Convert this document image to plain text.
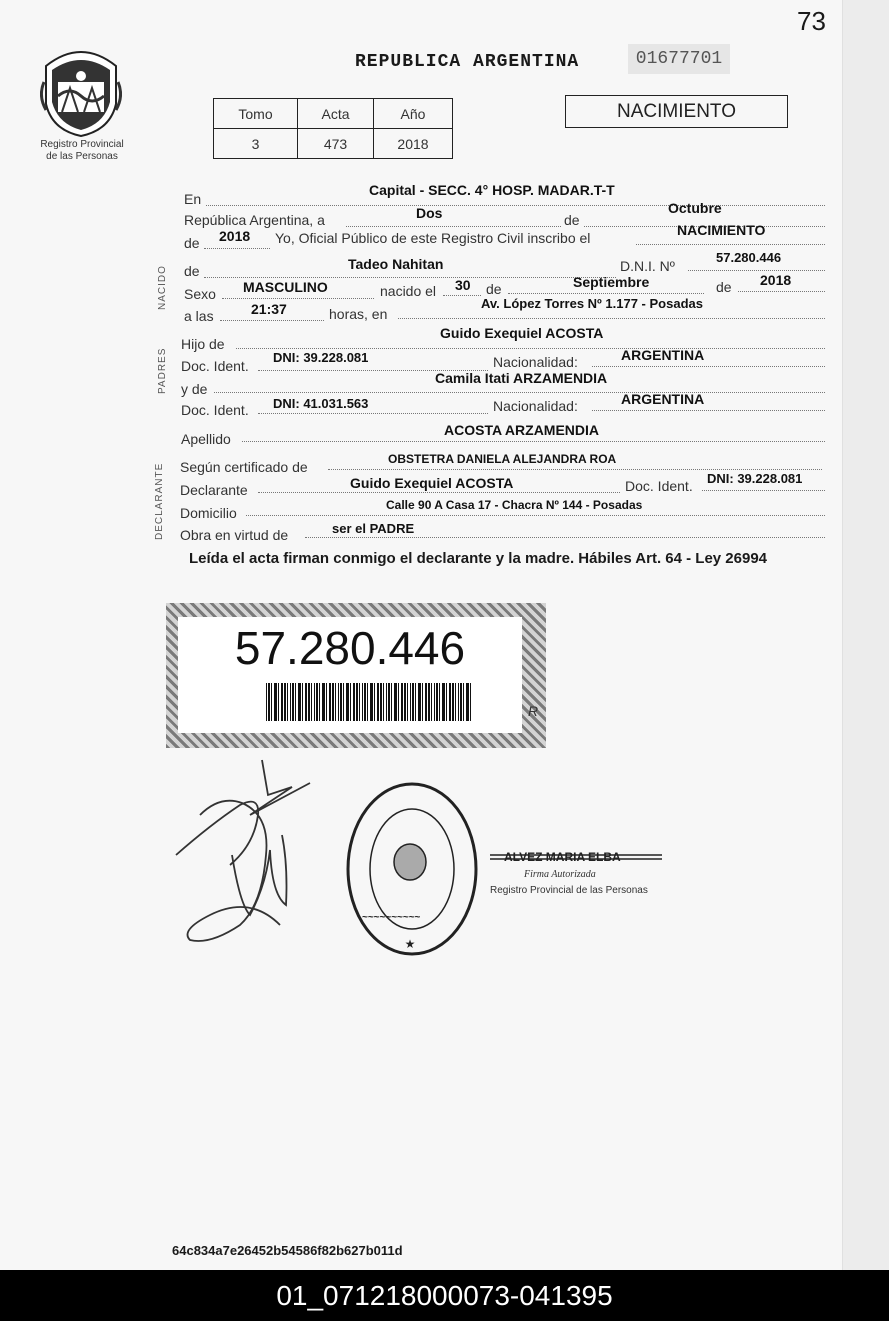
73
Registro Provincial
de las Personas
REPUBLICA ARGENTINA	01677701
Tomo	Acta	Año
3	473	2018
NACIMIENTO
NACIDO
PADRES
DECLARANTE
En
Capital - SECC. 4° HOSP. MADAR.T-T
República Argentina, a	Dos	de
Octubre
de 2018 Yo, Oficial Público de este Registro Civil inscribo el	NACIMIENTO
de	Tadeo Nahitan	D.N.I. Nº
57.280.446
Sexo MASCULINO	nacido el 30 de	Septiembre	de 2018
a las	21:37	horas, en
Av. López Torres Nº 1.177 - Posadas
Hijo de
Guido Exequiel ACOSTA
Doc. Ident.
DNI: 39.228.081	Nacionalidad:	ARGENTINA
y de
Camila Itati ARZAMENDIA
Doc. Ident. DNI: 41.031.563	Nacionalidad:	ARGENTINA
Apellido
ACOSTA ARZAMENDIA
Según certificado de	OBSTETRA DANIELA ALEJANDRA ROA
Declarante	Guido Exequiel ACOSTA	Doc. Ident. DNI: 39.228.081
Domicilio	Calle 90 A Casa 17 - Chacra Nº 144 - Posadas
Obra en virtud de	ser el PADRE
Leída el acta firman conmigo el declarante y la madre. Hábiles Art. 64 - Ley 26994
57.280.446
R
~~~~~~~~~~
★
ALVEZ MARIA ELBA
Firma Autorizada
Registro Provincial de las Personas
64c834a7e26452b54586f82b627b011d
01_071218000073-041395
